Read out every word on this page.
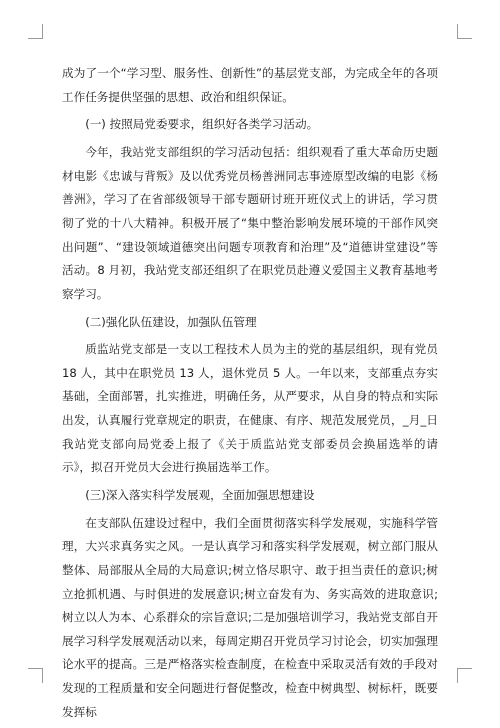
成为了一个“学习型、服务性、创新性”的基层党支部，为完成全年的各项工作任务提供坚强的思想、政治和组织保证。

(一) 按照局党委要求，组织好各类学习活动。

今年，我站党支部组织的学习活动包括：组织观看了重大革命历史题材电影《忠诚与背叛》及以优秀党员杨善洲同志事迹原型改编的电影《杨善洲》，学习了在省部级领导干部专题研讨班开班仪式上的讲话，学习贯彻了党的十八大精神。积极开展了“集中整治影响发展环境的干部作风突出问题”、“建设领域道德突出问题专项教育和治理”及“道德讲堂建设”等活动。8 月初，我站党支部还组织了在职党员赴遵义爱国主义教育基地考察学习。

(二)强化队伍建设，加强队伍管理

质监站党支部是一支以工程技术人员为主的党的基层组织，现有党员 18 人，其中在职党员 13 人，退休党员 5 人。一年以来，支部重点夯实基础，全面部署，扎实推进，明确任务，从严要求，从自身的特点和实际出发，认真履行党章规定的职责，在健康、有序、规范发展党员，_月_日我站党支部向局党委上报了《关于质监站党支部委员会换届选举的请示》，拟召开党员大会进行换届选举工作。

(三)深入落实科学发展观，全面加强思想建设

在支部队伍建设过程中，我们全面贯彻落实科学发展观，实施科学管理，大兴求真务实之风。一是认真学习和落实科学发展观，树立部门服从整体、局部服从全局的大局意识;树立恪尽职守、敢于担当责任的意识;树立抢抓机遇、与时俱进的发展意识;树立奋发有为、务实高效的进取意识;树立以人为本、心系群众的宗旨意识;二是加强培训学习，我站党支部自开展学习科学发展观活动以来，每周定期召开党员学习讨论会，切实加强理论水平的提高。三是严格落实检查制度，在检查中采取灵活有效的手段对发现的工程质量和安全问题进行督促整改，检查中树典型、树标杆，既要发挥标
